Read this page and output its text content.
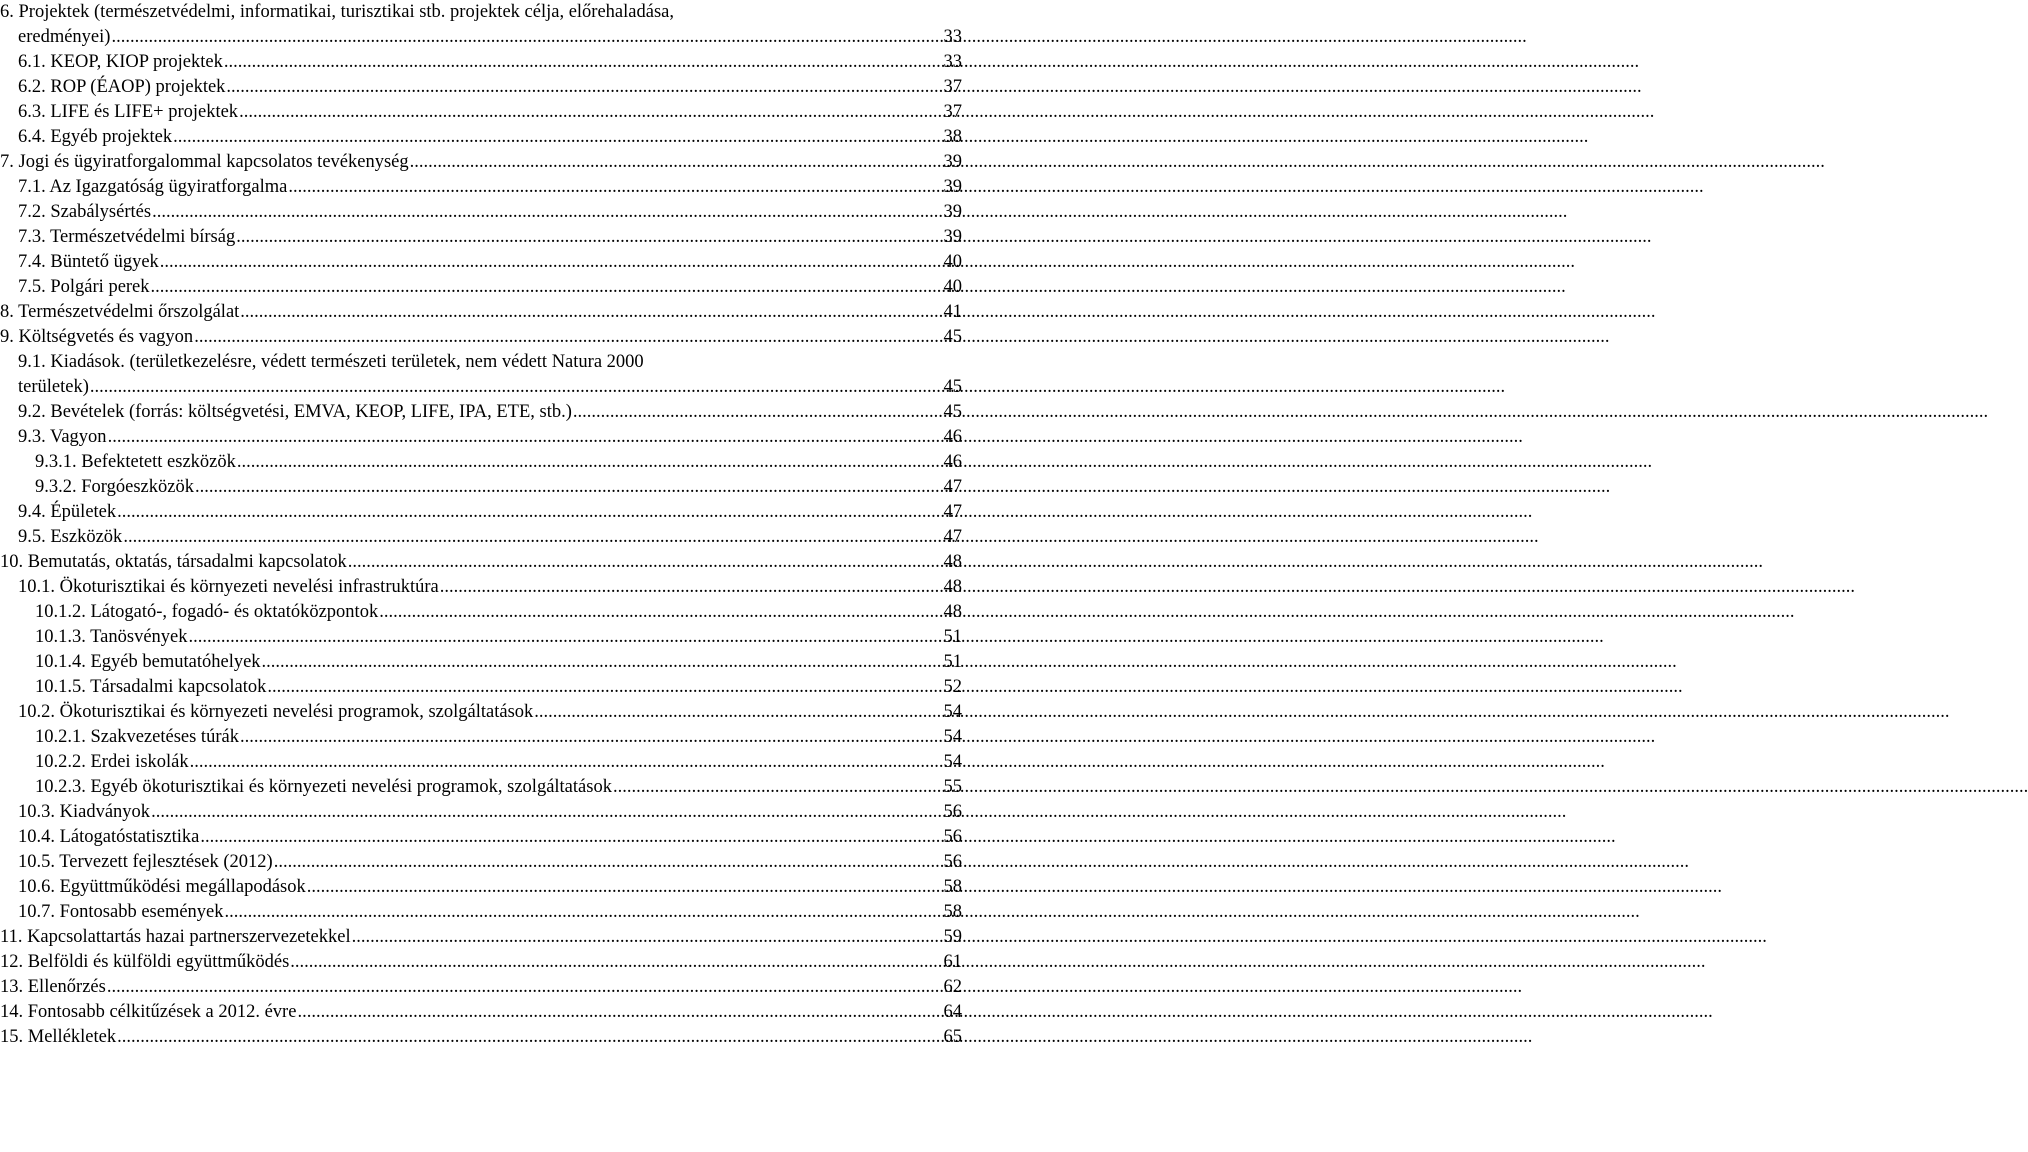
6. Projektek (természetvédelmi, informatikai, turisztikai stb. projektek célja, előrehaladása,
eredményei) .....	33
6.1. KEOP, KIOP projektek .....	33
6.2. ROP (ÉAOP) projektek .....	37
6.3. LIFE és LIFE+ projektek .....	37
6.4. Egyéb projektek .....	38
7. Jogi és ügyiratforgalommal kapcsolatos tevékenység .....	39
7.1. Az Igazgatóság ügyiratforgalma .....	39
7.2. Szabálysértés .....	39
7.3. Természetvédelmi bírság .....	39
7.4. Büntető ügyek .....	40
7.5. Polgári perek .....	40
8. Természetvédelmi őrszolgálat .....	41
9. Költségvetés és vagyon .....	45
9.1. Kiadások. (területkezelésre, védett természeti területek, nem védett Natura 2000
területek) .....	45
9.2. Bevételek (forrás: költségvetési, EMVA, KEOP, LIFE, IPA, ETE, stb.) .....	45
9.3. Vagyon .....	46
9.3.1. Befektetett eszközök .....	46
9.3.2. Forgóeszközök .....	47
9.4. Épületek .....	47
9.5. Eszközök .....	47
10. Bemutatás, oktatás, társadalmi kapcsolatok .....	48
10.1. Ökoturisztikai és környezeti nevelési infrastruktúra .....	48
10.1.2. Látogató-, fogadó- és oktatóközpontok .....	48
10.1.3. Tanösvények .....	51
10.1.4. Egyéb bemutatóhelyek .....	51
10.1.5. Társadalmi kapcsolatok .....	52
10.2. Ökoturisztikai és környezeti nevelési programok, szolgáltatások .....	54
10.2.1. Szakvezetéses túrák .....	54
10.2.2. Erdei iskolák .....	54
10.2.3. Egyéb ökoturisztikai és környezeti nevelési programok, szolgáltatások .....	55
10.3. Kiadványok .....	56
10.4. Látogatóstatisztika .....	56
10.5. Tervezett fejlesztések (2012) .....	56
10.6. Együttműködési megállapodások .....	58
10.7. Fontosabb események .....	58
11. Kapcsolattartás hazai partnerszervezetekkel .....	59
12. Belföldi és külföldi együttműködés .....	61
13. Ellenőrzés .....	62
14. Fontosabb célkitűzések a 2012. évre .....	64
15. Mellékletek .....	65
